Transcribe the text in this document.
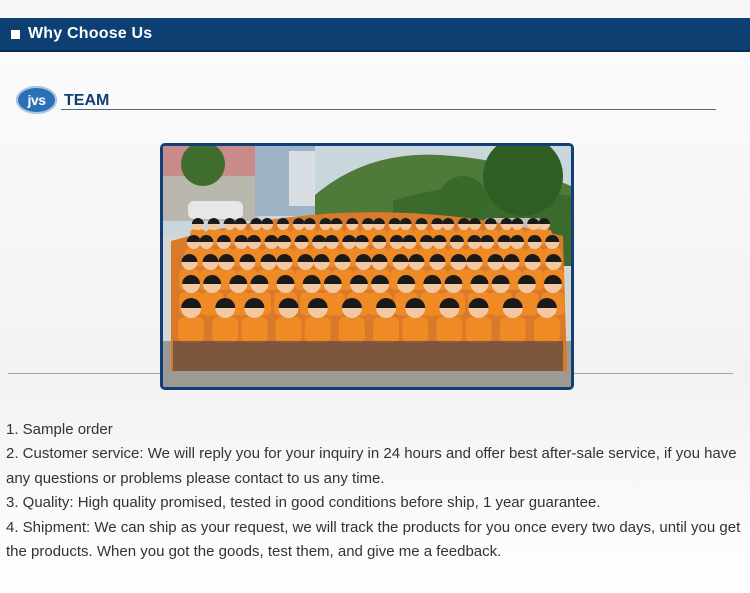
Why Choose Us
jvs	TEAM

1. Sample order

2. Customer service: We will reply you for your inquiry in 24 hours and offer best after-sale service, if you have any questions or problems please contact to us any time.

3. Quality: High quality promised, tested in good conditions before ship, 1 year guarantee.

4. Shipment: We can ship as your request, we will track the products for you once every two days, until you get the products. When you got the goods, test them, and give me a feedback.
